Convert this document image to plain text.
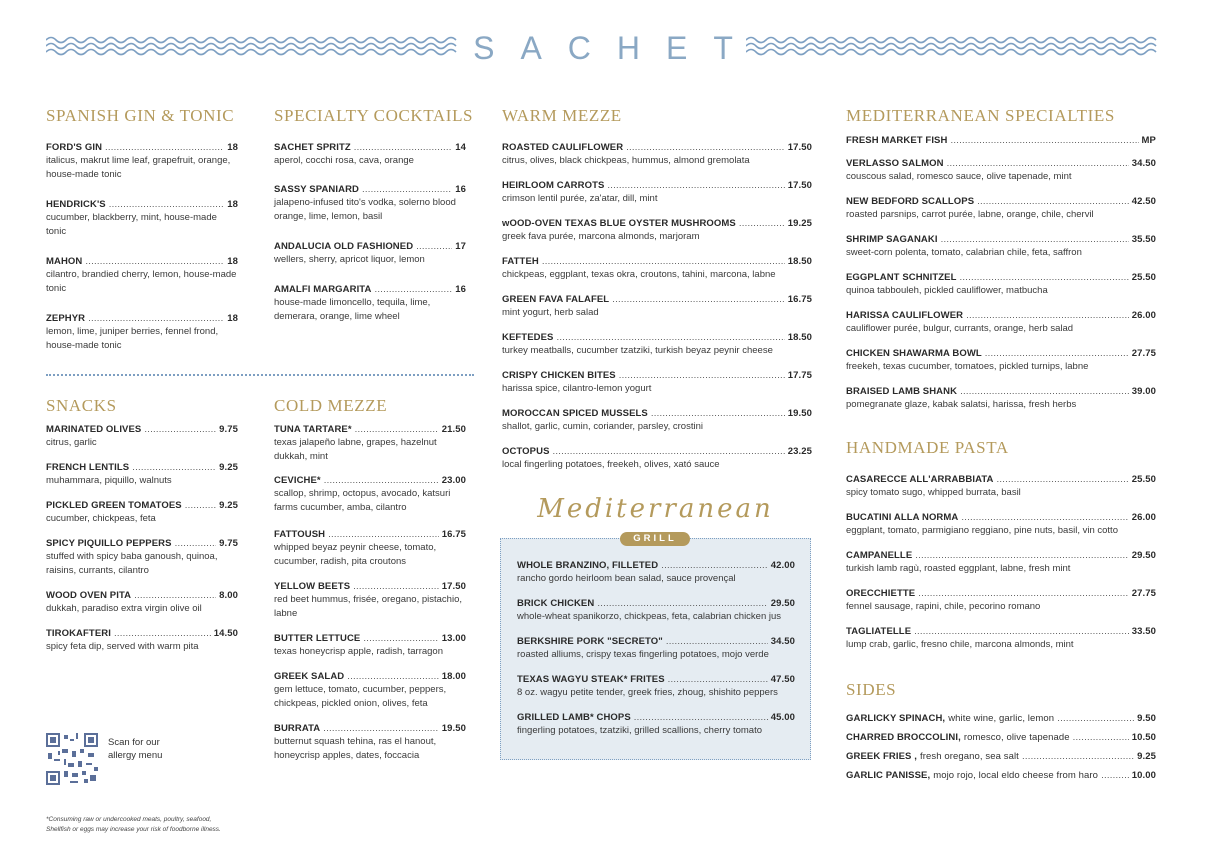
SACHET
SPANISH GIN & TONIC SPECIALTY COCKTAILS WARM MEZZE	MEDITERRANEAN SPECIALTIES
SNACKS	COLD MEZZE
HANDMADE PASTA
SIDES
Mediterranean
GRILL
FORD'S GIN . . .	18
italicus, makrut lime leaf, grapefruit, orange, house-made tonic
HENDRICK'S . . .	18
cucumber, blackberry, mint, house-made tonic
MAHON . . .	18
cilantro, brandied cherry, lemon, house-made tonic
ZEPHYR . . .	18
lemon, lime, juniper berries, fennel frond, house-made tonic
SACHET SPRITZ . . .	14
aperol, cocchi rosa, cava, orange
SASSY SPANIARD . . .	16
jalapeno-infused tito's vodka, solerno blood orange, lime, lemon, basil
ANDALUCIA OLD FASHIONED . . .	17
wellers, sherry, apricot liquor, lemon
AMALFI MARGARITA . . .	16
house-made limoncello, tequila, lime, demerara, orange, lime wheel
MARINATED OLIVES . . .	9.75
citrus, garlic
FRENCH LENTILS . . .	9.25
muhammara, piquillo, walnuts
PICKLED GREEN TOMATOES . . .	9.25
cucumber, chickpeas, feta
SPICY PIQUILLO PEPPERS . . .	9.75
stuffed with spicy baba ganoush, quinoa, raisins, currants, cilantro
WOOD OVEN PITA . . .	8.00
dukkah, paradiso extra virgin olive oil
TIROKAFTERI . . .	14.50
spicy feta dip, served with warm pita
TUNA TARTARE* . . .	21.50
texas jalapeño labne, grapes, hazelnut dukkah, mint
CEVICHE* . . .	23.00
scallop, shrimp, octopus, avocado, katsuri farms cucumber, amba, cilantro
FATTOUSH . . .	16.75
whipped beyaz peynir cheese, tomato, cucumber, radish, pita croutons
YELLOW BEETS . . .	17.50
red beet hummus, frisée, oregano, pistachio, labne
BUTTER LETTUCE . . .	13.00
texas honeycrisp apple, radish, tarragon
GREEK SALAD . . .	18.00
gem lettuce, tomato, cucumber, peppers, chickpeas, pickled onion, olives, feta
BURRATA . . .	19.50
butternut squash tehina, ras el hanout, honeycrisp apples, dates, foccacia
ROASTED CAULIFLOWER . . .	17.50
citrus, olives, black chickpeas, hummus, almond gremolata
HEIRLOOM CARROTS . . .	17.50
crimson lentil purée, za'atar, dill, mint
wOOD-OVEN TEXAS BLUE OYSTER MUSHROOMS . . .	19.25
greek fava purée, marcona almonds, marjoram
FATTEH . . .	18.50
chickpeas, eggplant, texas okra, croutons, tahini, marcona, labne
GREEN FAVA FALAFEL . . .	16.75
mint yogurt, herb salad
KEFTEDES . . .	18.50
turkey meatballs, cucumber tzatziki, turkish beyaz peynir cheese
CRISPY CHICKEN BITES . . .	17.75
harissa spice, cilantro-lemon yogurt
MOROCCAN SPICED MUSSELS . . .	19.50
shallot, garlic, cumin, coriander, parsley, crostini
OCTOPUS . . .	23.25
local fingerling potatoes, freekeh, olives, xató sauce
WHOLE BRANZINO, FILLETED . . .	42.00
rancho gordo heirloom bean salad, sauce provençal
BRICK CHICKEN . . .	29.50
whole-wheat spanikorzo, chickpeas, feta, calabrian chicken jus
BERKSHIRE PORK "SECRETO" . . .	34.50
roasted alliums, crispy texas fingerling potatoes, mojo verde
TEXAS WAGYU STEAK* FRITES . . .	47.50
8 oz. wagyu petite tender, greek fries, zhoug, shishito peppers
GRILLED LAMB* CHOPS . . .	45.00
fingerling potatoes, tzatziki, grilled scallions, cherry tomato
FRESH MARKET FISH . . .	MP
VERLASSO SALMON . . .	34.50
couscous salad, romesco sauce, olive tapenade, mint
NEW BEDFORD SCALLOPS . . .	42.50
roasted parsnips, carrot purée, labne, orange, chile, chervil
SHRIMP SAGANAKI . . .	35.50
sweet-corn polenta, tomato, calabrian chile, feta, saffron
EGGPLANT SCHNITZEL . . .	25.50
quinoa tabbouleh, pickled cauliflower, matbucha
HARISSA CAULIFLOWER . . .	26.00
cauliflower purée, bulgur, currants, orange, herb salad
CHICKEN SHAWARMA BOWL . . .	27.75
freekeh, texas cucumber, tomatoes, pickled turnips, labne
BRAISED LAMB SHANK . . .	39.00
pomegranate glaze, kabak salatsi, harissa, fresh herbs
CASARECCE ALL'ARRABBIATA . . .	25.50
spicy tomato sugo, whipped burrata, basil
BUCATINI ALLA NORMA . . .	26.00
eggplant, tomato, parmigiano reggiano, pine nuts, basil, vin cotto
CAMPANELLE . . .	29.50
turkish lamb ragù, roasted eggplant, labne, fresh mint
ORECCHIETTE . . .	27.75
fennel sausage, rapini, chile, pecorino romano
TAGLIATELLE . . .	33.50
lump crab, garlic, fresno chile, marcona almonds, mint
GARLICKY SPINACH, white wine, garlic, lemon . . .	9.50
CHARRED BROCCOLINI, romesco, olive tapenade . . .	10.50
GREEK FRIES , fresh oregano, sea salt . . .	9.25
GARLIC PANISSE, mojo rojo, local eldo cheese from haro . . .	10.00
Scan for our allergy menu
*Consuming raw or undercooked meats, poultry, seafood, Shellfish or eggs may increase your risk of foodborne illness.
